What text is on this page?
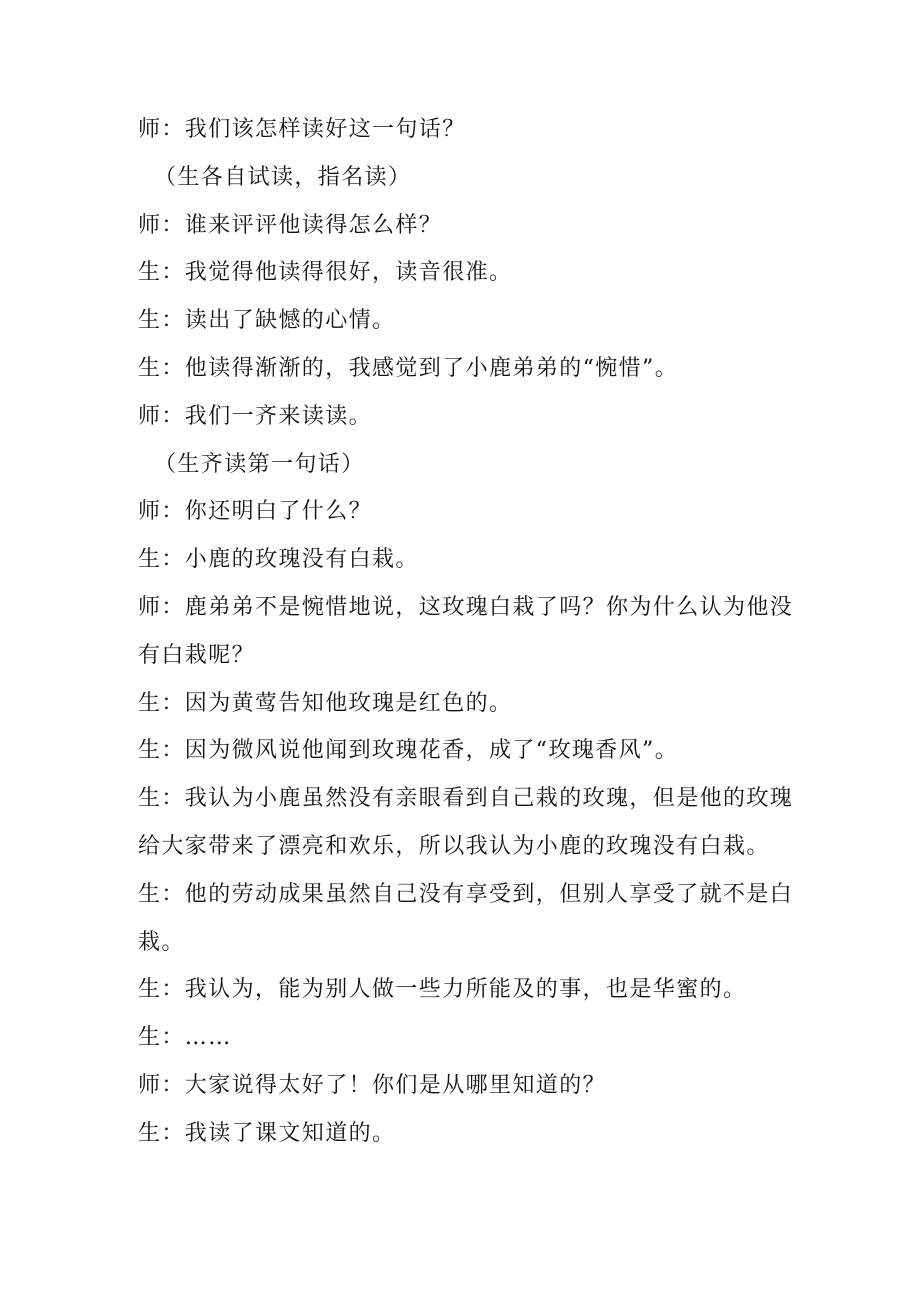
师：我们该怎样读好这一句话？
（生各自试读，指名读）
师：谁来评评他读得怎么样？
生：我觉得他读得很好，读音很准。
生：读出了缺憾的心情。
生：他读得渐渐的，我感觉到了小鹿弟弟的“惋惜”。
师：我们一齐来读读。
（生齐读第一句话）
师：你还明白了什么？
生：小鹿的玫瑰没有白栽。
师：鹿弟弟不是惋惜地说，这玫瑰白栽了吗？你为什么认为他没
有白栽呢？
生：因为黄莺告知他玫瑰是红色的。
生：因为微风说他闻到玫瑰花香，成了“玫瑰香风”。
生：我认为小鹿虽然没有亲眼看到自己栽的玫瑰，但是他的玫瑰
给大家带来了漂亮和欢乐，所以我认为小鹿的玫瑰没有白栽。
生：他的劳动成果虽然自己没有享受到，但别人享受了就不是白
栽。
生：我认为，能为别人做一些力所能及的事，也是华蜜的。
生：……
师：大家说得太好了！你们是从哪里知道的？
生：我读了课文知道的。
